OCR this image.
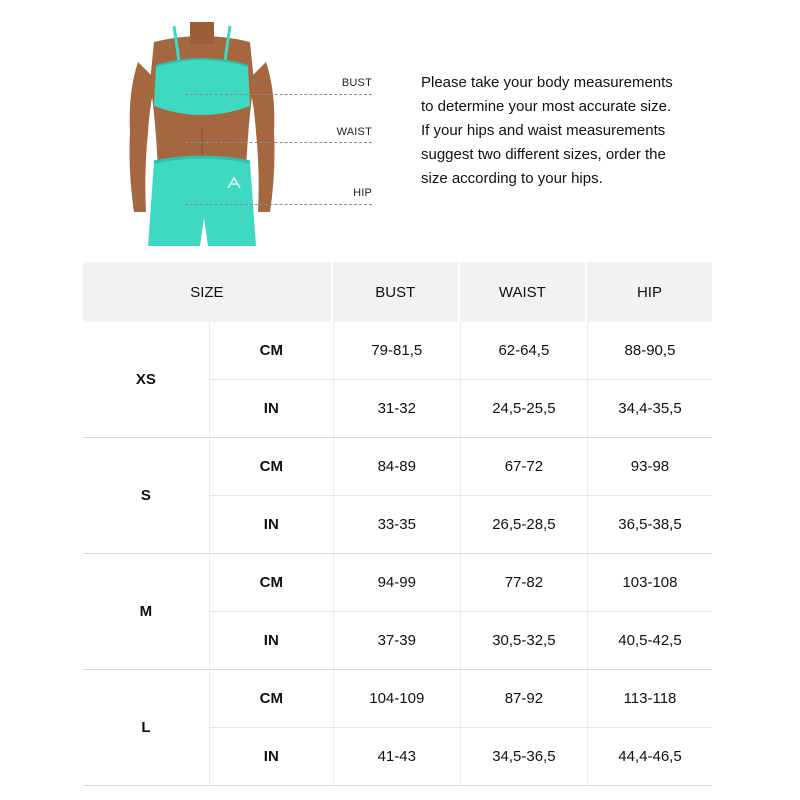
BUST
WAIST
HIP
Please take your body measurements
to determine your most accurate size.
If your hips and waist measurements
suggest two different sizes, order the
size according to your hips.
SIZE		BUST	WAIST	HIP
XS	CM	79-81,5	62-64,5	88-90,5
	IN	31-32	24,5-25,5	34,4-35,5
S	CM	84-89	67-72	93-98
	IN	33-35	26,5-28,5	36,5-38,5
M	CM	94-99	77-82	103-108
	IN	37-39	30,5-32,5	40,5-42,5
L	CM	104-109	87-92	113-118
	IN	41-43	34,5-36,5	44,4-46,5
